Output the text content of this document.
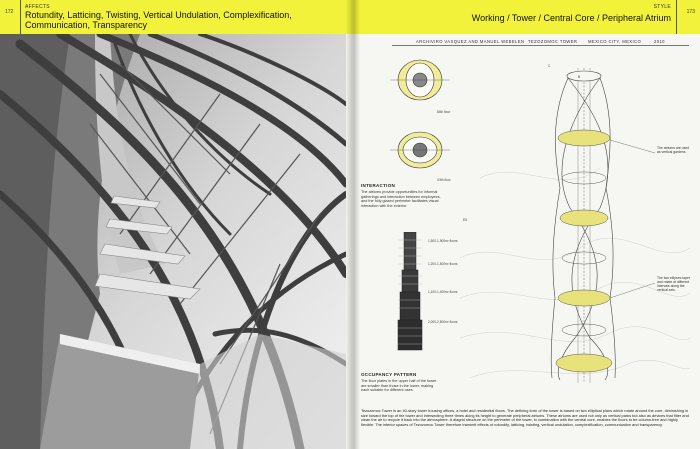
172
AFFECTS
Rotundity, Latticing, Twisting, Vertical Undulation, Complexification, Communication, Transparency
STYLE
Working / Tower / Central Core / Peripheral Atrium
173
ARCHIVIRO VASQUEZ AND MANUEL WEBELEN TEZOZOMOC TOWER	MEXICO CITY, MEXICO	2010
84th floor
X3th floor
INTERACTION
The atriums provide opportunities for informal gatherings and interaction between employees, and the fully glazed perimeter facilitates visual interaction with the exterior.
1,500-1,900m² floors
1,200-1,500m² floors
1,100-1,400m² floors
2,000-2,500m² floors
OCCUPANCY PATTERN
The floor plates in the upper half of the tower are smaller than those in the lower, making each suitable for different uses.
C
B
E5
The atriums are used as vertical gardens.
The two ellipses taper and rotate at different intervals along the vertical axis.
Tezozomoc Tower is an 40-story tower housing offices, a hotel and residential floors. The defining form of the tower is based on two elliptical plans which rotate around the core, diminishing in size toward the top of the tower and intersecting three times along its height to generate peripheral atriums. These atriums are used not only as vertical parks but also as devices that filter and clean the air to recycle it back into the atmosphere. A diagrid structure on the perimeter of the tower, in combination with the central core, enables the floors to be column-free and highly flexible. The interior spaces of Tezozomoc Tower therefore transmit effects of rotundity, latticing, twisting, vertical undulation, complexification, communication and transparency.
